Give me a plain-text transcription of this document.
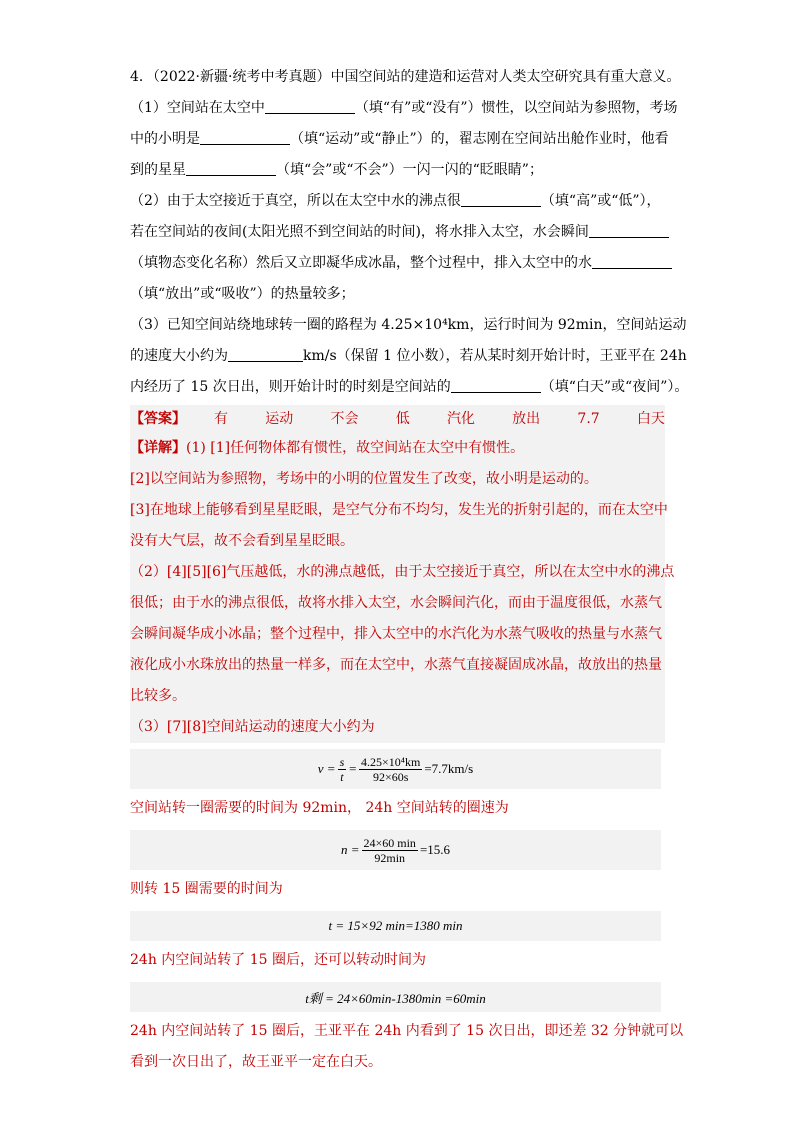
4．（2022·新疆·统考中考真题）中国空间站的建造和运营对人类太空研究具有重大意义。
（1）空间站在太空中	（填“有”或“没有”）惯性，以空间站为参照物，考场
中的小明是	（填“运动”或“静止”）的，翟志刚在空间站出舱作业时，他看
到的星星	（填“会”或“不会”）一闪一闪的“眨眼睛”；
（2）由于太空接近于真空，所以在太空中水的沸点很	（填“高”或“低”），
若在空间站的夜间(太阳光照不到空间站的时间)，将水排入太空，水会瞬间
（填物态变化名称）然后又立即凝华成冰晶，整个过程中，排入太空中的水
（填“放出”或“吸收”）的热量较多；
（3）已知空间站绕地球转一圈的路程为 4.25×10⁴km，运行时间为 92min，空间站运动
的速度大小约为	km/s（保留 1 位小数），若从某时刻开始计时，王亚平在 24h
内经历了 15 次日出，则开始计时的时刻是空间站的	（填“白天”或“夜间”）。
【答案】 有	运动	不会	低	汽化	放出	7.7	白天
【详解】(1) [1]任何物体都有惯性，故空间站在太空中有惯性。
[2]以空间站为参照物，考场中的小明的位置发生了改变，故小明是运动的。
[3]在地球上能够看到星星眨眼，是空气分布不均匀，发生光的折射引起的，而在太空中
没有大气层，故不会看到星星眨眼。
（2）[4][5][6]气压越低，水的沸点越低，由于太空接近于真空，所以在太空中水的沸点
很低；由于水的沸点很低，故将水排入太空，水会瞬间汽化，而由于温度很低，水蒸气
会瞬间凝华成小冰晶；整个过程中，排入太空中的水汽化为水蒸气吸收的热量与水蒸气
液化成小水珠放出的热量一样多，而在太空中，水蒸气直接凝固成冰晶，故放出的热量
比较多。
（3）[7][8]空间站运动的速度大小约为
$v = \frac{s}{t} = \frac{\text{4.25×10⁴km}}{92\times 60s} =7.7km/s$
空间站转一圈需要的时间为 92min， 24h 空间站转的圈速为
$n = \frac{24\times 60 \min}{92\min} =15.6$
则转 15 圈需要的时间为
t = 15×92 min=1380 min
24h 内空间站转了 15 圈后，还可以转动时间为
t剩 = 24×60min-1380min =60min
24h 内空间站转了 15 圈后，王亚平在 24h 内看到了 15 次日出，即还差 32 分钟就可以
看到一次日出了，故王亚平一定在白天。
